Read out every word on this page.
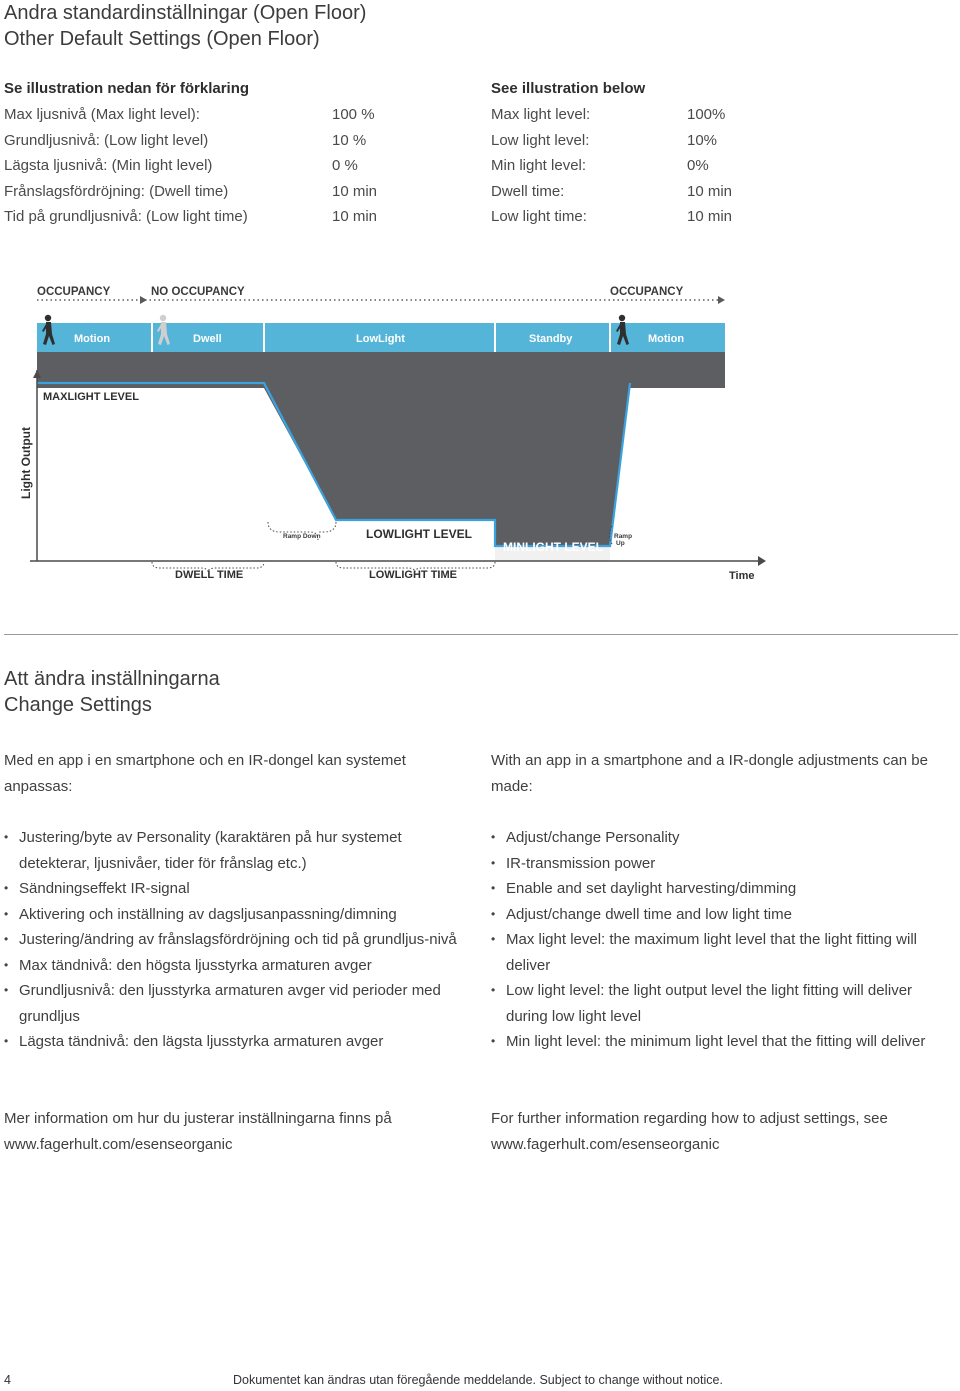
Andra standardinställningar (Open Floor)
Other Default Settings (Open Floor)
Se illustration nedan för förklaring
Max ljusnivå (Max light level):	100 %
Grundljusnivå: (Low light level)	10 %
Lägsta ljusnivå: (Min light level)	0 %
Frånslagsfördröjning: (Dwell time)	10 min
Tid på grundljusnivå: (Low light time)	10 min
See illustration below
Max light level:	100%
Low light level:	10%
Min light level:	0%
Dwell time:	10 min
Low light time:	10 min
OCCUPANCY	NO OCCUPANCY	OCCUPANCY
Motion	Dwell	LowLight	Standby	Motion
MAXLIGHT LEVEL
Light Output
Ramp Down	LOWLIGHT LEVEL
MINLIGHT LEVEL
Ramp
Up
DWELL TIME	LOWLIGHT TIME	Time
Att ändra inställningarna
Change Settings
Med en app i en smartphone och en IR-dongel kan systemet anpassas:
With an app in a smartphone and a IR-dongle adjustments can be made:
• Justering/byte av Personality (karaktären på hur systemet detekterar, ljusnivåer, tider för frånslag etc.)
• Sändningseffekt IR-signal
• Aktivering och inställning av dagsljusanpassning/dimning
• Justering/ändring av frånslagsfördröjning och tid på grundljus-nivå
• Max tändnivå: den högsta ljusstyrka armaturen avger
• Grundljusnivå: den ljusstyrka armaturen avger vid perioder med grundljus
• Lägsta tändnivå: den lägsta ljusstyrka armaturen avger
• Adjust/change Personality
• IR-transmission power
• Enable and set daylight harvesting/dimming
• Adjust/change dwell time and low light time
• Max light level: the maximum light level that the light fitting will deliver
• Low light level: the light output level the light fitting will deliver during low light level
• Min light level: the minimum light level that the fitting will deliver
Mer information om hur du justerar inställningarna finns på www.fagerhult.com/esenseorganic
For further information regarding how to adjust settings, see www.fagerhult.com/esenseorganic
4	Dokumentet kan ändras utan föregående meddelande. Subject to change without notice.
